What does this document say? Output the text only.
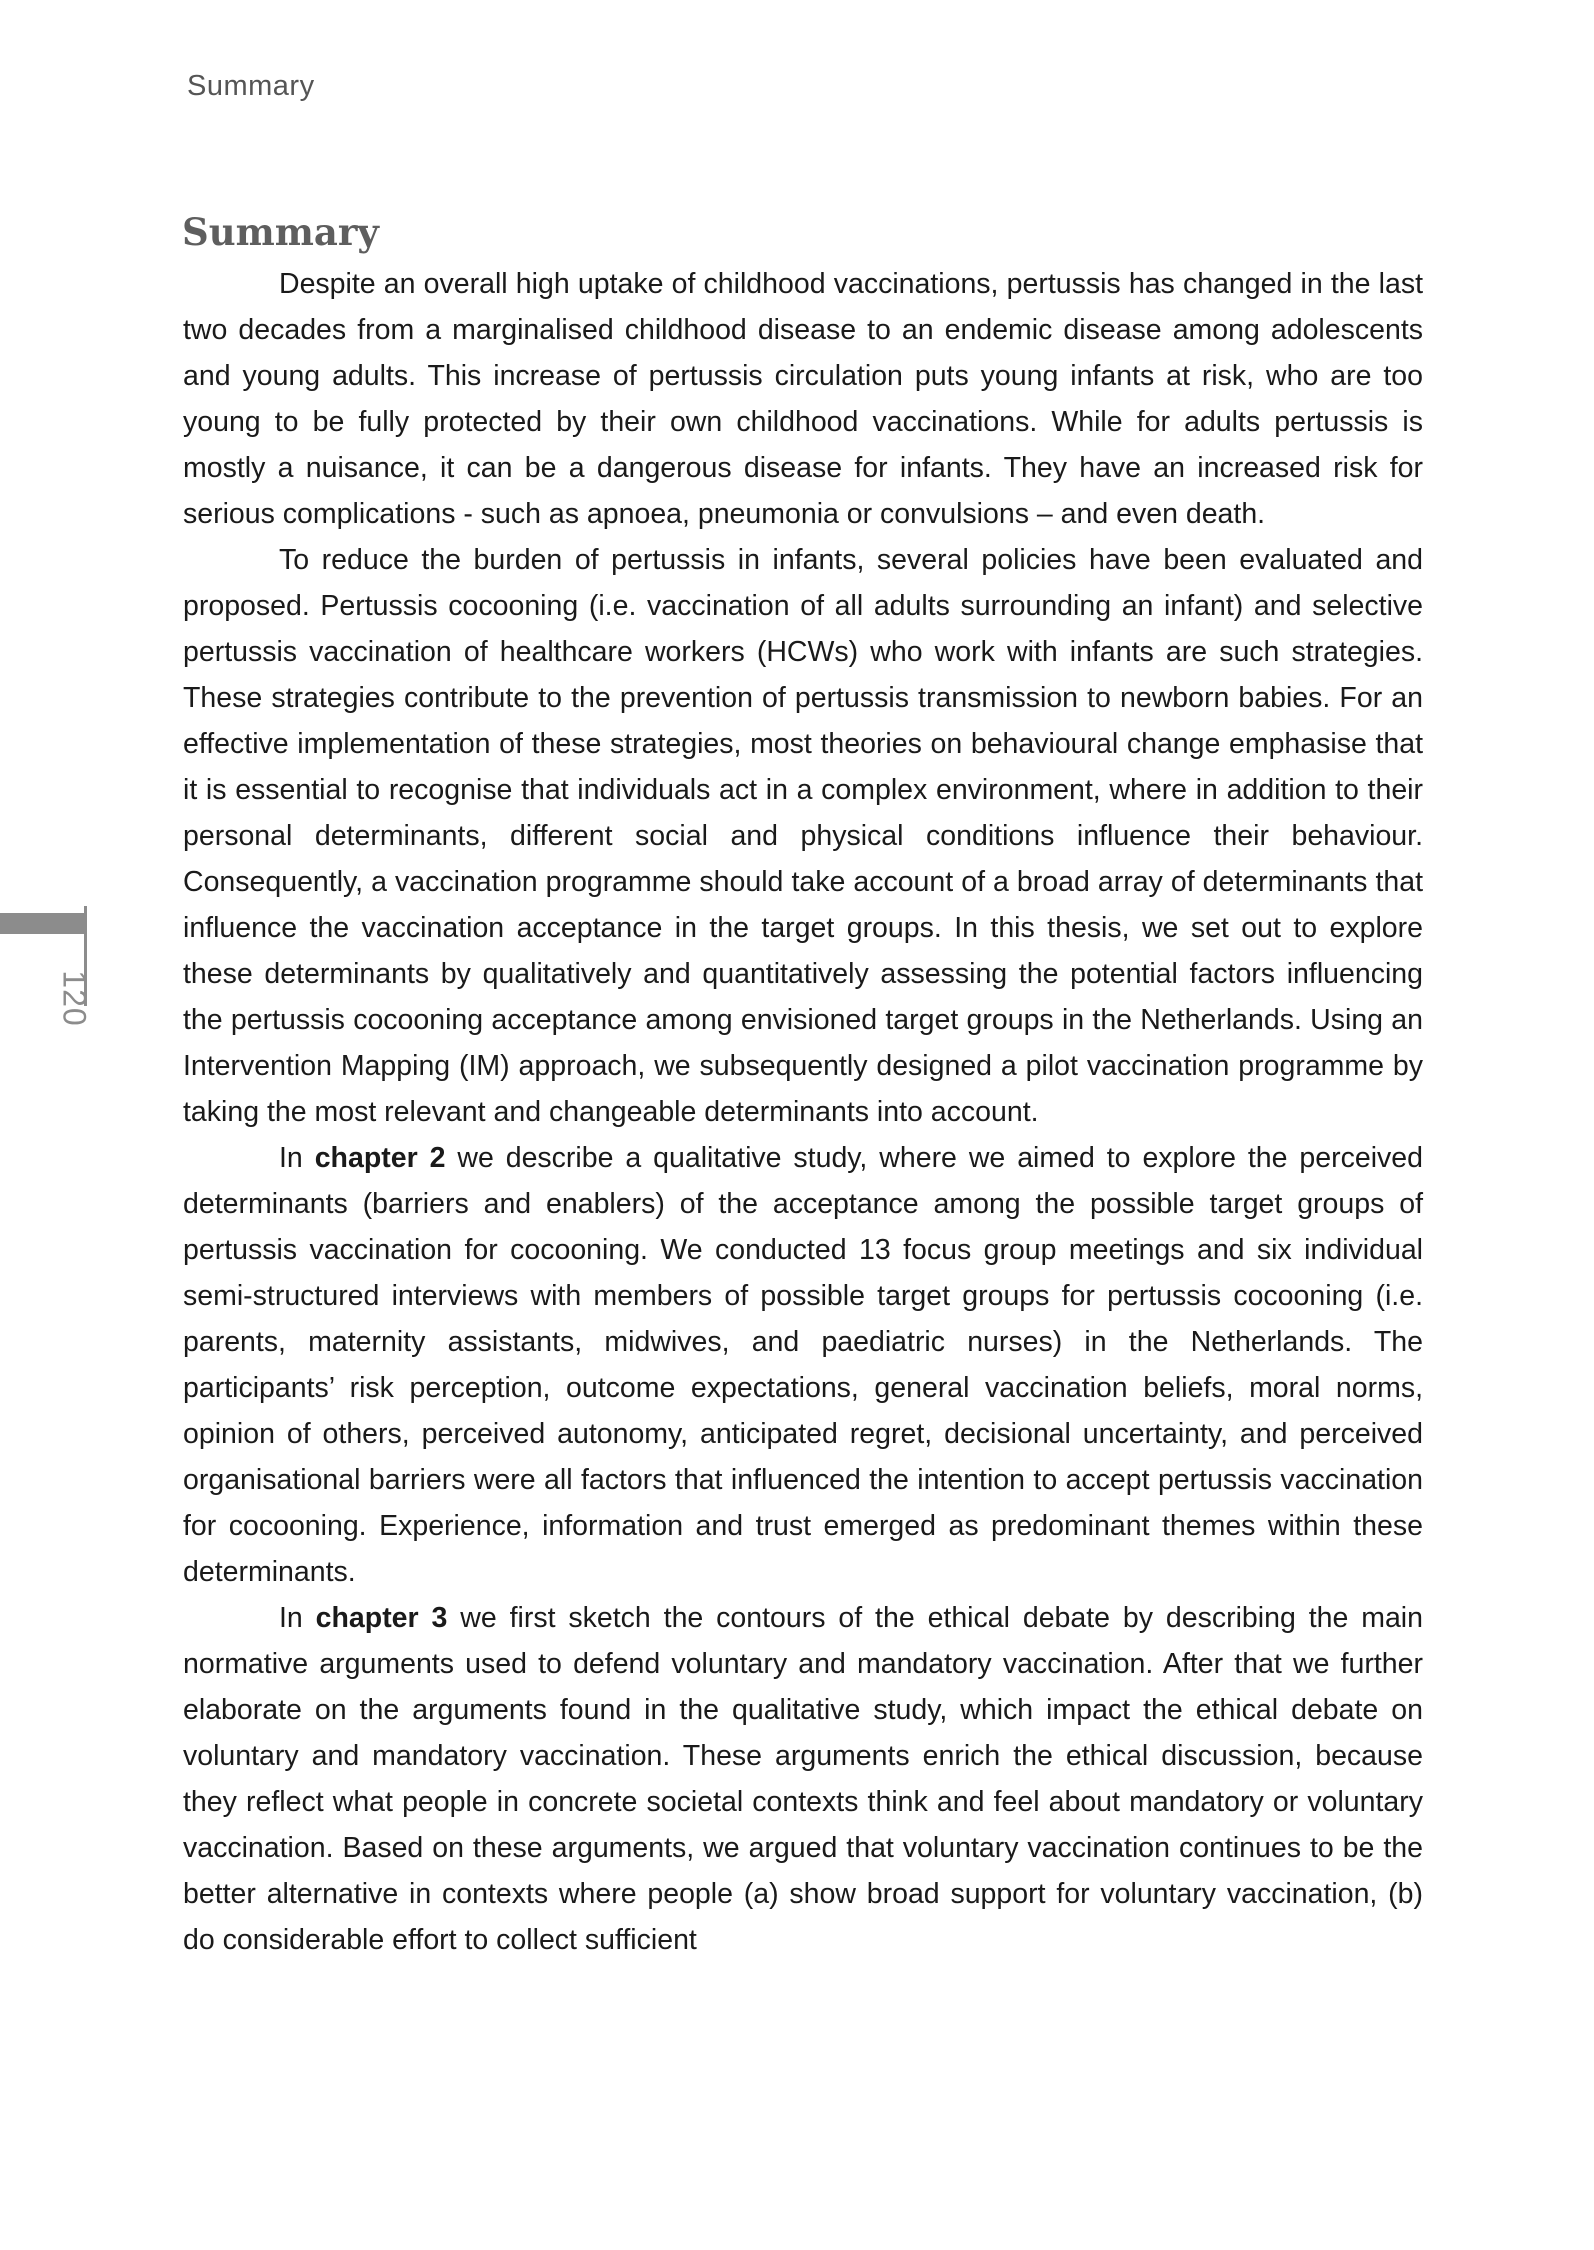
Summary
Summary

Despite an overall high uptake of childhood vaccinations, pertussis has changed in the last two decades from a marginalised childhood disease to an endemic disease among adolescents and young adults. This increase of pertussis circulation puts young infants at risk, who are too young to be fully protected by their own childhood vaccinations. While for adults pertussis is mostly a nuisance, it can be a dangerous disease for infants. They have an increased risk for serious complications - such as apnoea, pneumonia or convulsions – and even death.

To reduce the burden of pertussis in infants, several policies have been evaluated and proposed. Pertussis cocooning (i.e. vaccination of all adults surrounding an infant) and selective pertussis vaccination of healthcare workers (HCWs) who work with infants are such strategies. These strategies contribute to the prevention of pertussis transmission to newborn babies. For an effective implementation of these strategies, most theories on behavioural change emphasise that it is essential to recognise that individuals act in a complex environment, where in addition to their personal determinants, different social and physical conditions influence their behaviour. Consequently, a vaccination programme should take account of a broad array of determinants that influence the vaccination acceptance in the target groups. In this thesis, we set out to explore these determinants by qualitatively and quantitatively assessing the potential factors influencing the pertussis cocooning acceptance among envisioned target groups in the Netherlands. Using an Intervention Mapping (IM) approach, we subsequently designed a pilot vaccination programme by taking the most relevant and changeable determinants into account.

In chapter 2 we describe a qualitative study, where we aimed to explore the perceived determinants (barriers and enablers) of the acceptance among the possible target groups of pertussis vaccination for cocooning. We conducted 13 focus group meetings and six individual semi-structured interviews with members of possible target groups for pertussis cocooning (i.e. parents, maternity assistants, midwives, and paediatric nurses) in the Netherlands. The participants’ risk perception, outcome expectations, general vaccination beliefs, moral norms, opinion of others, perceived autonomy, anticipated regret, decisional uncertainty, and perceived organisational barriers were all factors that influenced the intention to accept pertussis vaccination for cocooning. Experience, information and trust emerged as predominant themes within these determinants.

In chapter 3 we first sketch the contours of the ethical debate by describing the main normative arguments used to defend voluntary and mandatory vaccination. After that we further elaborate on the arguments found in the qualitative study, which impact the ethical debate on voluntary and mandatory vaccination. These arguments enrich the ethical discussion, because they reflect what people in concrete societal contexts think and feel about mandatory or voluntary vaccination. Based on these arguments, we argued that voluntary vaccination continues to be the better alternative in contexts where people (a) show broad support for voluntary vaccination, (b) do considerable effort to collect sufficient

120
